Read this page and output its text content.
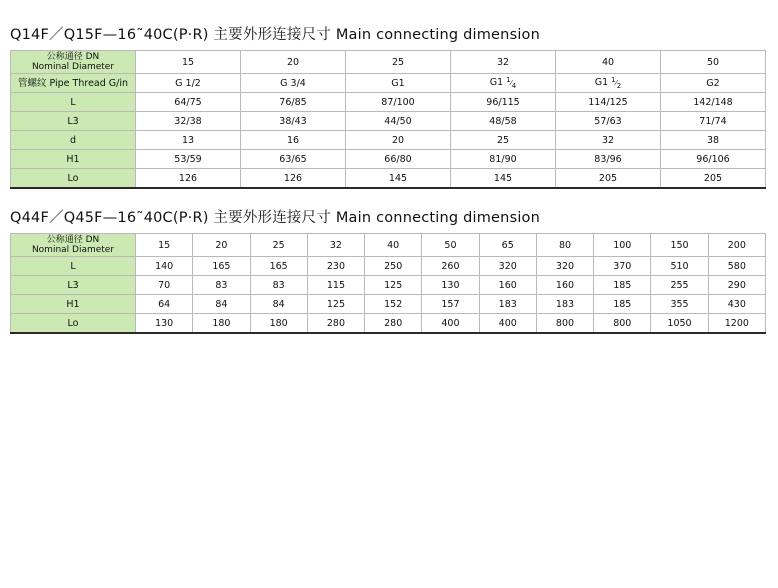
Q14F／Q15F—16˜40C(P·R) 主要外形连接尺寸 Main connecting dimension
公称通径 DN
Nominal Diameter	15	20	25	32	40	50
管螺纹 Pipe Thread G/in	G 1/2	G 3/4	G1	G1 1⁄4	G1 1⁄2	G2
L	64/75	76/85	87/100	96/115	114/125	142/148
L3	32/38	38/43	44/50	48/58	57/63	71/74
d	13	16	20	25	32	38
H1	53/59	63/65	66/80	81/90	83/96	96/106
Lo	126	126	145	145	205	205
Q44F／Q45F—16˜40C(P·R) 主要外形连接尺寸 Main connecting dimension
公称通径 DN
Nominal Diameter	15	20	25	32	40	50	65	80	100	150	200
L	140	165	165	230	250	260	320	320	370	510	580
L3	70	83	83	115	125	130	160	160	185	255	290
H1	64	84	84	125	152	157	183	183	185	355	430
Lo	130	180	180	280	280	400	400	800	800	1050	1200
